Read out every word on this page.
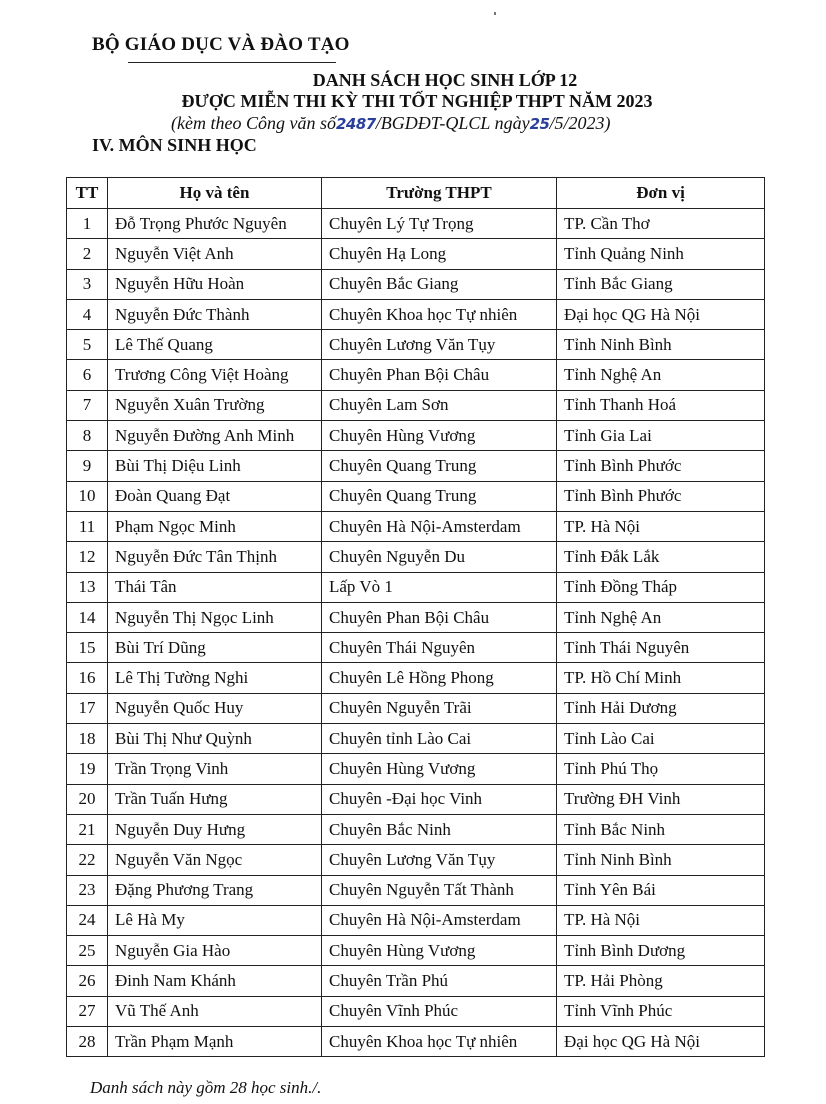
BỘ GIÁO DỤC VÀ ĐÀO TẠO
DANH SÁCH HỌC SINH LỚP 12
ĐƯỢC MIỄN THI KỲ THI TỐT NGHIỆP THPT NĂM 2023
(kèm theo Công văn số2487/BGDĐT-QLCL ngày25/5/2023)
IV. MÔN SINH HỌC
TT	Họ và tên	Trường THPT	Đơn vị
1	Đỗ Trọng Phước Nguyên	Chuyên Lý Tự Trọng	TP. Cần Thơ
2	Nguyễn Việt Anh	Chuyên Hạ Long	Tỉnh Quảng Ninh
3	Nguyễn Hữu Hoàn	Chuyên Bắc Giang	Tỉnh Bắc Giang
4	Nguyễn Đức Thành	Chuyên Khoa học Tự nhiên	Đại học QG Hà Nội
5	Lê Thế Quang	Chuyên Lương Văn Tụy	Tỉnh Ninh Bình
6	Trương Công Việt Hoàng	Chuyên Phan Bội Châu	Tỉnh Nghệ An
7	Nguyễn Xuân Trường	Chuyên Lam Sơn	Tỉnh Thanh Hoá
8	Nguyễn Đường Anh Minh	Chuyên Hùng Vương	Tỉnh Gia Lai
9	Bùi Thị Diệu Linh	Chuyên Quang Trung	Tỉnh Bình Phước
10	Đoàn Quang Đạt	Chuyên Quang Trung	Tỉnh Bình Phước
11	Phạm Ngọc Minh	Chuyên Hà Nội-Amsterdam	TP. Hà Nội
12	Nguyễn Đức Tân Thịnh	Chuyên Nguyễn Du	Tỉnh Đắk Lắk
13	Thái Tân	Lấp Vò 1	Tỉnh Đồng Tháp
14	Nguyễn Thị Ngọc Linh	Chuyên Phan Bội Châu	Tỉnh Nghệ An
15	Bùi Trí Dũng	Chuyên Thái Nguyên	Tỉnh Thái Nguyên
16	Lê Thị Tường Nghi	Chuyên Lê Hồng Phong	TP. Hồ Chí Minh
17	Nguyễn Quốc Huy	Chuyên Nguyễn Trãi	Tỉnh Hải Dương
18	Bùi Thị Như Quỳnh	Chuyên tỉnh Lào Cai	Tỉnh Lào Cai
19	Trần Trọng Vinh	Chuyên Hùng Vương	Tỉnh Phú Thọ
20	Trần Tuấn Hưng	Chuyên -Đại học Vinh	Trường ĐH Vinh
21	Nguyễn Duy Hưng	Chuyên Bắc Ninh	Tỉnh Bắc Ninh
22	Nguyễn Văn Ngọc	Chuyên Lương Văn Tụy	Tỉnh Ninh Bình
23	Đặng Phương Trang	Chuyên Nguyễn Tất Thành	Tỉnh Yên Bái
24	Lê Hà My	Chuyên Hà Nội-Amsterdam	TP. Hà Nội
25	Nguyễn Gia Hào	Chuyên Hùng Vương	Tỉnh Bình Dương
26	Đinh Nam Khánh	Chuyên Trần Phú	TP. Hải Phòng
27	Vũ Thế Anh	Chuyên Vĩnh Phúc	Tỉnh Vĩnh Phúc
28	Trần Phạm Mạnh	Chuyên Khoa học Tự nhiên	Đại học QG Hà Nội
Danh sách này gồm 28 học sinh./.
